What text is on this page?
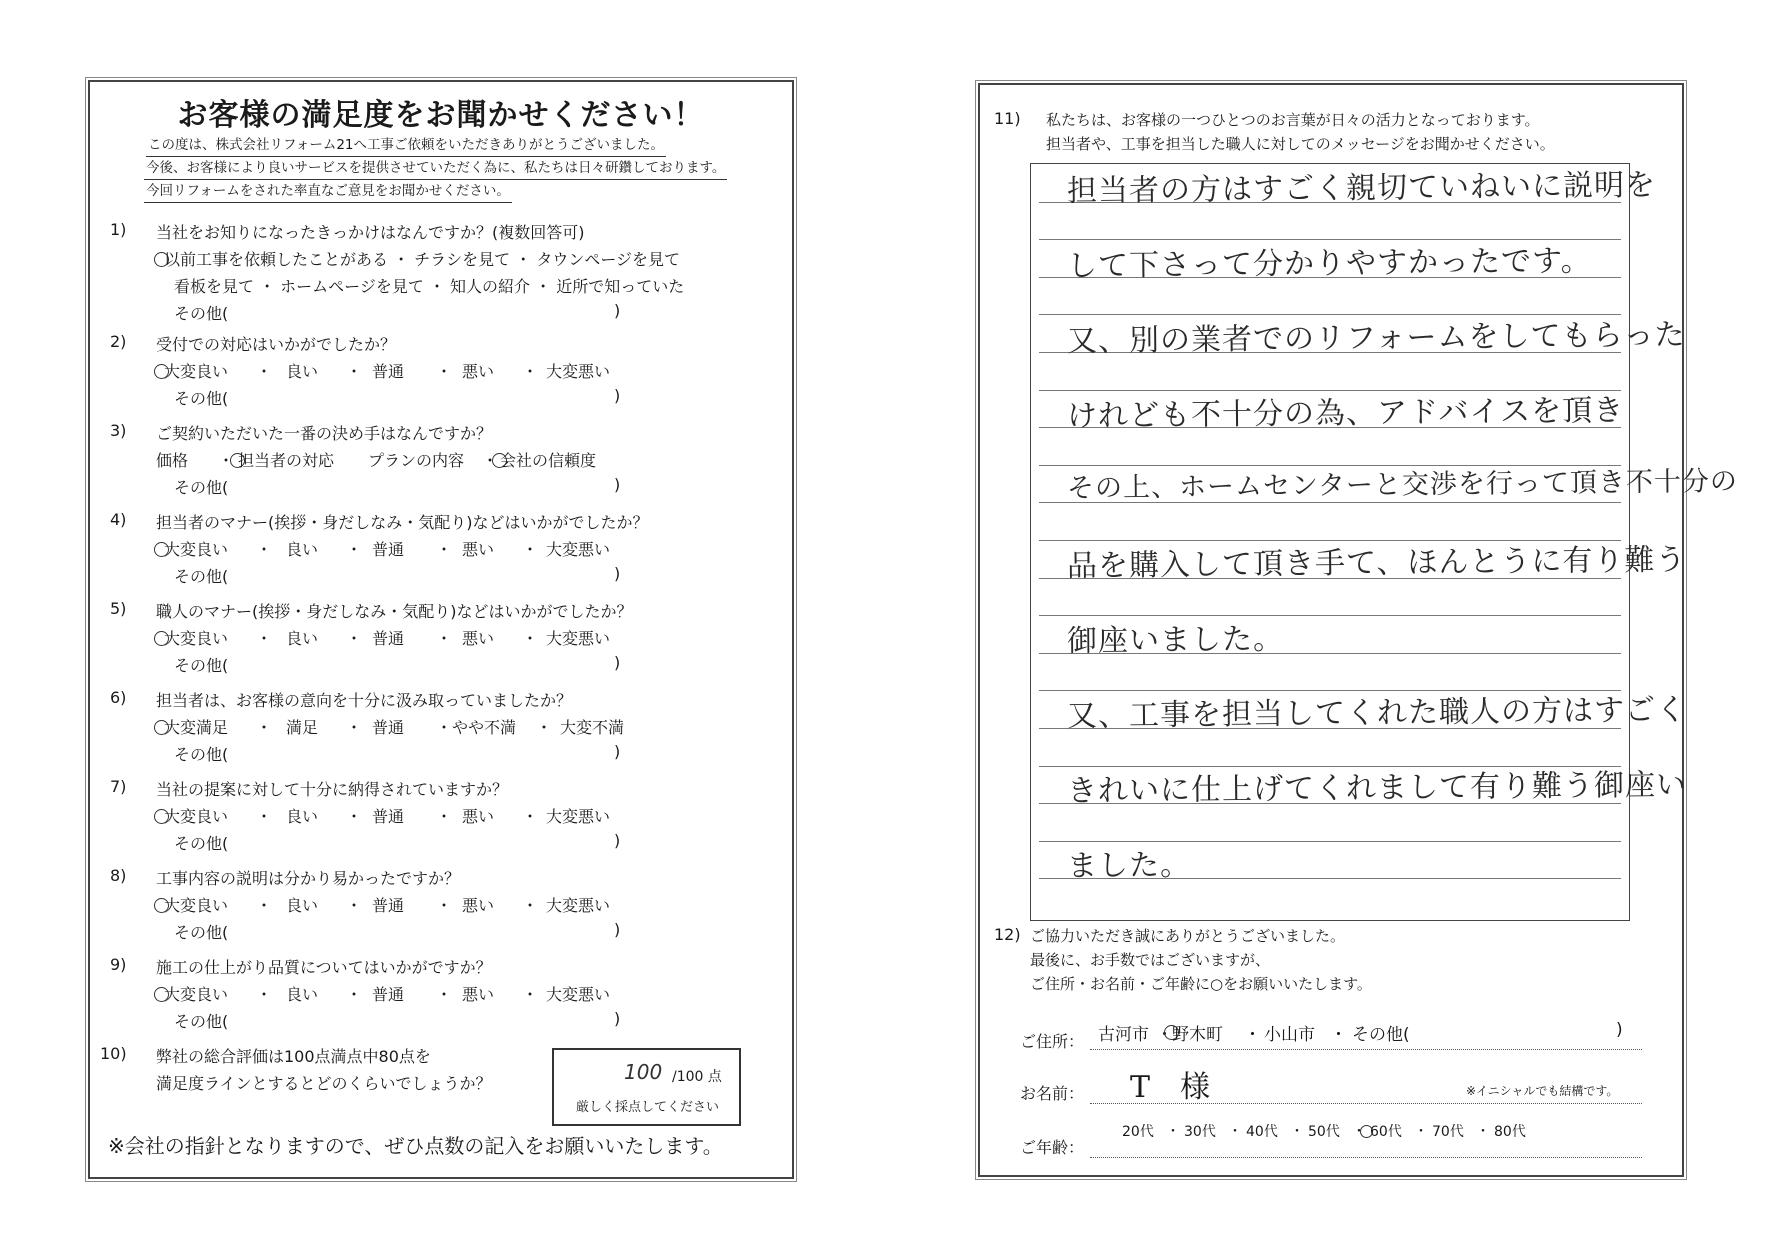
お客様の満足度をお聞かせください！
この度は、株式会社リフォーム21へ工事ご依頼をいただきありがとうございました。
今後、お客様により良いサービスを提供させていただく為に、私たちは日々研鑽しております。
今回リフォームをされた率直なご意見をお聞かせください。
1) 当社をお知りになったきっかけはなんですか？(複数回答可)
以前工事を依頼したことがある ・ チラシを見て ・ タウンページを見て
看板を見て ・ ホームページを見て ・ 知人の紹介 ・ 近所で知っていた
その他(	)
2) 受付での対応はいかがでしたか？
大変良い ・ 良い ・ 普通 ・ 悪い ・ 大変悪い
その他(	)
3) ご契約いただいた一番の決め手はなんですか？
価格 ・ 担当者の対応 プランの内容 ・ 会社の信頼度
その他(	)
4) 担当者のマナー(挨拶・身だしなみ・気配り)などはいかがでしたか？
大変良い ・ 良い ・ 普通 ・ 悪い ・ 大変悪い
その他(	)
5) 職人のマナー(挨拶・身だしなみ・気配り)などはいかがでしたか？
大変良い ・ 良い ・ 普通 ・ 悪い ・ 大変悪い
その他(	)
6) 担当者は、お客様の意向を十分に汲み取っていましたか？
大変満足 ・ 満足 ・ 普通 ・やや不満 ・ 大変不満
その他(	)
7) 当社の提案に対して十分に納得されていますか？
大変良い ・ 良い ・ 普通 ・ 悪い ・ 大変悪い
その他(	)
8) 工事内容の説明は分かり易かったですか？
大変良い ・ 良い ・ 普通 ・ 悪い ・ 大変悪い
その他(	)
9) 施工の仕上がり品質についてはいかがですか？
大変良い ・ 良い ・ 普通 ・ 悪い ・ 大変悪い
その他(	)
10) 弊社の総合評価は100点満点中80点を
満足度ラインとするとどのくらいでしょうか？	100 /100 点
厳しく採点してください
※会社の指針となりますので、ぜひ点数の記入をお願いいたします。
11) 私たちは、お客様の一つひとつのお言葉が日々の活力となっております。
担当者や、工事を担当した職人に対してのメッセージをお聞かせください。
担当者の方はすごく親切ていねいに説明を
して下さって分かりやすかったです。
又、別の業者でのリフォームをしてもらった
けれども不十分の為、アドバイスを頂き
その上、ホームセンターと交渉を行って頂き不十分の
品を購入して頂き手て、ほんとうに有り難う
御座いました。
又、工事を担当してくれた職人の方はすごく
きれいに仕上げてくれまして有り難う御座い
ました。
12) ご協力いただき誠にありがとうございました。
最後に、お手数ではございますが、
ご住所・お名前・ご年齢に○をお願いいたします。
ご住所： 古河市 ・ 野木町 ・ 小山市 ・ その他(	)
お名前： T　様	※イニシャルでも結構です。
ご年齢：
20代 ・ 30代 ・ 40代 ・ 50代 ・ 60代 ・ 70代 ・ 80代
